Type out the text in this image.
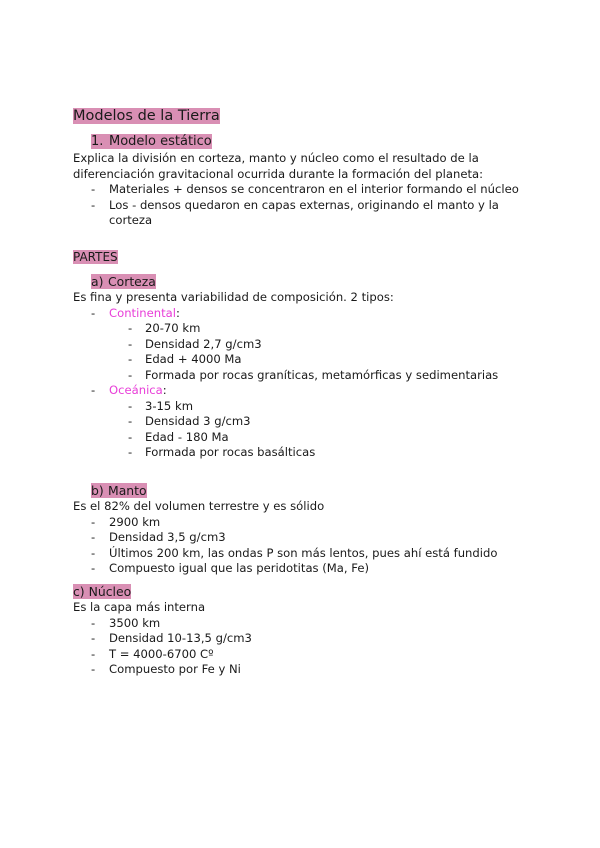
Modelos de la Tierra
1. Modelo estático

Explica la división en corteza, manto y núcleo como el resultado de la diferenciación gravitacional ocurrida durante la formación del planeta:

- Materiales + densos se concentraron en el interior formando el núcleo
- Los - densos quedaron en capas externas, originando el manto y la corteza
PARTES
a) Corteza

Es fina y presenta variabilidad de composición. 2 tipos:

- Continental:
- 20-70 km
- Densidad 2,7 g/cm3
- Edad + 4000 Ma
- Formada por rocas graníticas, metamórficas y sedimentarias
- Oceánica:
- 3-15 km
- Densidad 3 g/cm3
- Edad - 180 Ma
- Formada por rocas basálticas
b) Manto

Es el 82% del volumen terrestre y es sólido

- 2900 km
- Densidad 3,5 g/cm3
- Últimos 200 km, las ondas P son más lentos, pues ahí está fundido
- Compuesto igual que las peridotitas (Ma, Fe)
c) Núcleo

Es la capa más interna

- 3500 km
- Densidad 10-13,5 g/cm3
- T = 4000-6700 Cº
- Compuesto por Fe y Ni
